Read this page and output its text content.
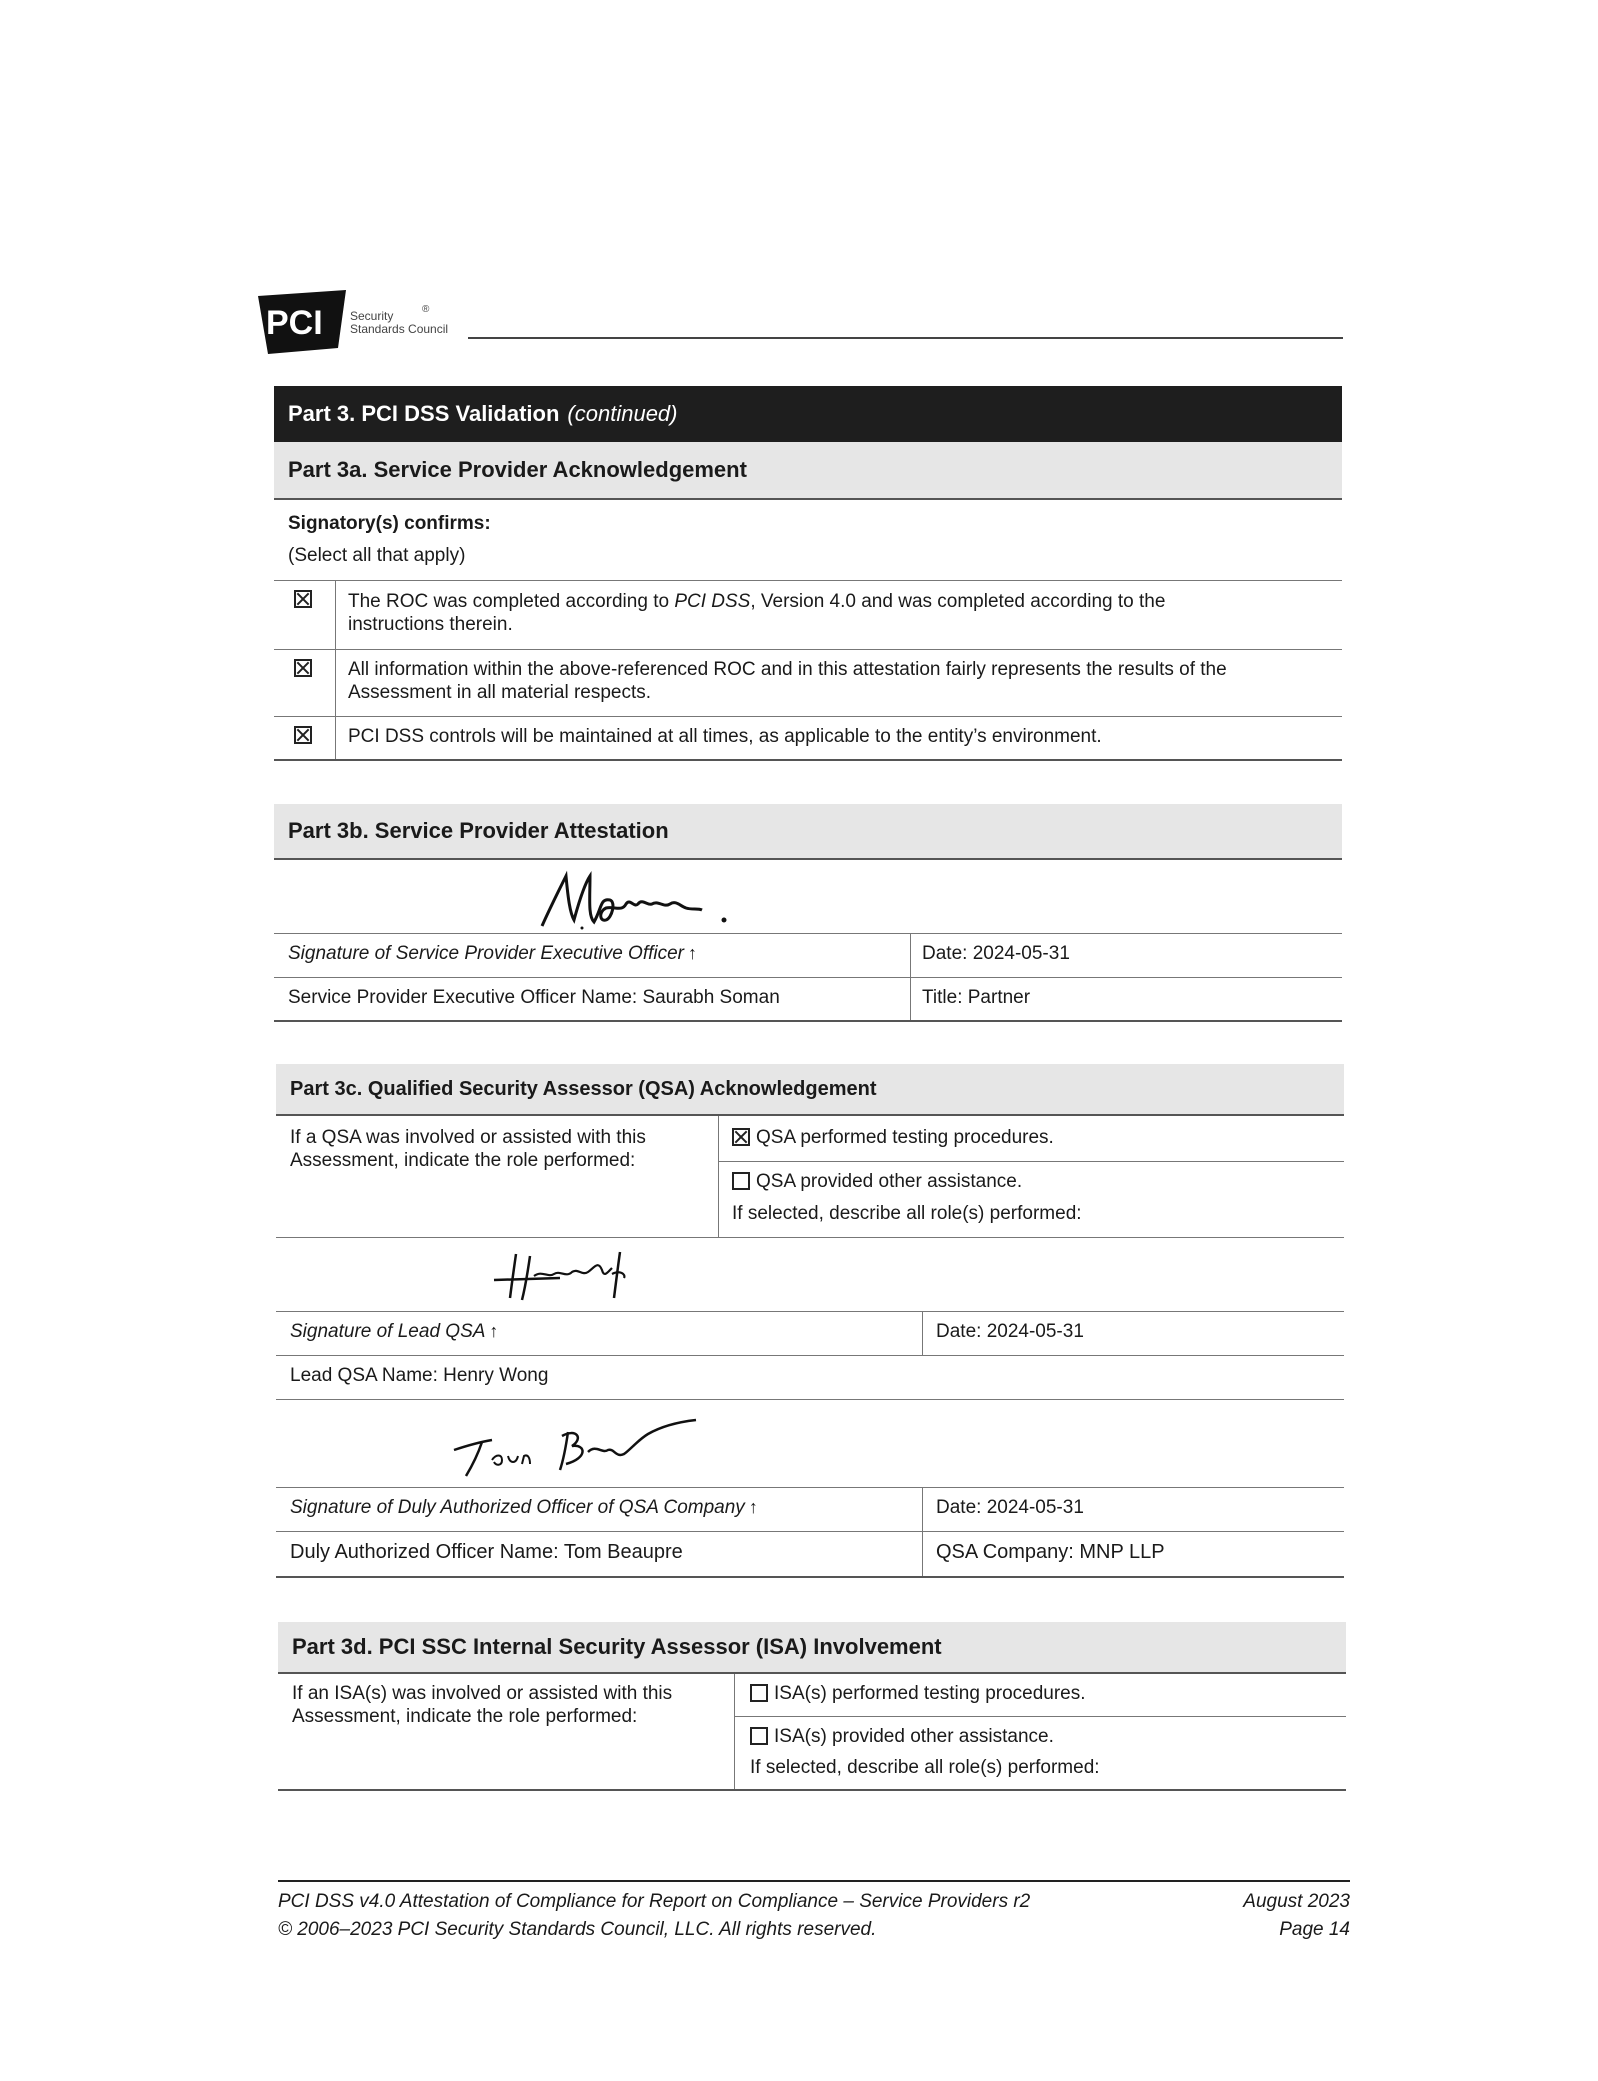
PCI Security
Standards Council
®
Part 3. PCI DSS Validation (continued)
Part 3a. Service Provider Acknowledgement
Signatory(s) confirms:
(Select all that apply)
The ROC was completed according to PCI DSS, Version 4.0 and was completed according to the
instructions therein.
All information within the above-referenced ROC and in this attestation fairly represents the results of the
Assessment in all material respects.
PCI DSS controls will be maintained at all times, as applicable to the entity’s environment.
Part 3b. Service Provider Attestation
Signature of Service Provider Executive Officer ↑	Date: 2024-05-31
Service Provider Executive Officer Name: Saurabh Soman	Title: Partner
Part 3c. Qualified Security Assessor (QSA) Acknowledgement
If a QSA was involved or assisted with this
Assessment, indicate the role performed:
QSA performed testing procedures.
QSA provided other assistance.
If selected, describe all role(s) performed:
Signature of Lead QSA ↑	Date: 2024-05-31
Lead QSA Name: Henry Wong
Signature of Duly Authorized Officer of QSA Company ↑	Date: 2024-05-31
Duly Authorized Officer Name: Tom Beaupre	QSA Company: MNP LLP
Part 3d. PCI SSC Internal Security Assessor (ISA) Involvement
If an ISA(s) was involved or assisted with this
Assessment, indicate the role performed:
ISA(s) performed testing procedures.
ISA(s) provided other assistance.
If selected, describe all role(s) performed:
PCI DSS v4.0 Attestation of Compliance for Report on Compliance – Service Providers r2
© 2006–2023 PCI Security Standards Council, LLC. All rights reserved.
August 2023
Page 14
